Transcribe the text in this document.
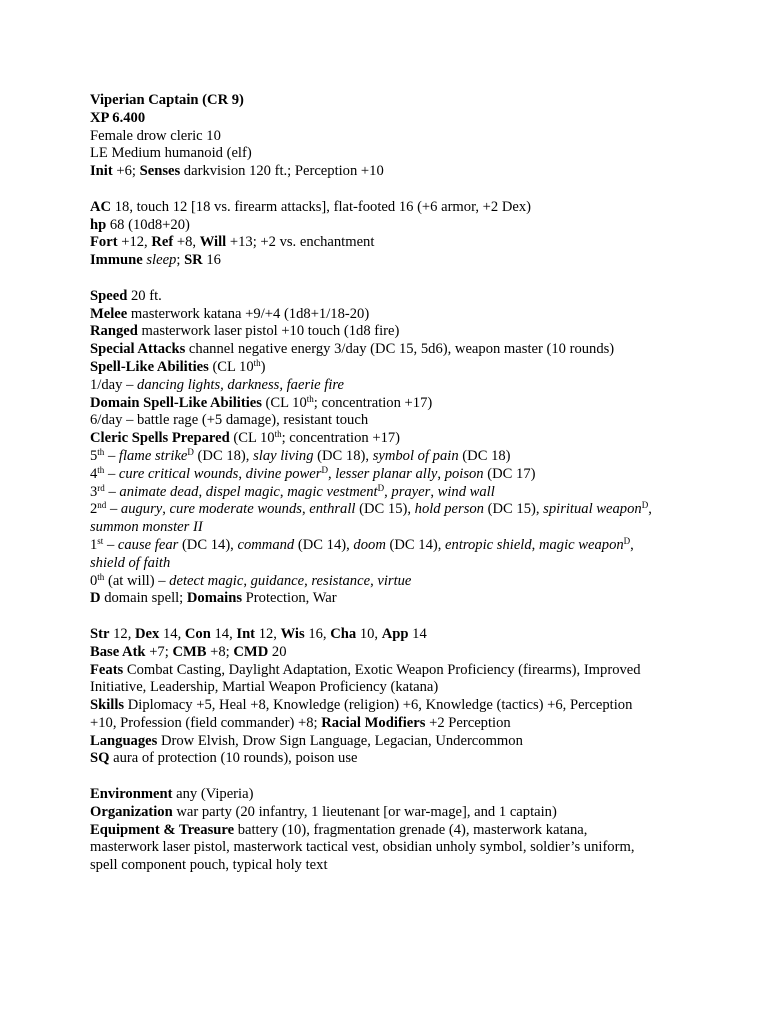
Viperian Captain (CR 9)
XP 6.400
Female drow cleric 10
LE Medium humanoid (elf)
Init +6; Senses darkvision 120 ft.; Perception +10
AC 18, touch 12 [18 vs. firearm attacks], flat-footed 16 (+6 armor, +2 Dex)
hp 68 (10d8+20)
Fort +12, Ref +8, Will +13; +2 vs. enchantment
Immune sleep; SR 16
Speed 20 ft.
Melee masterwork katana +9/+4 (1d8+1/18-20)
Ranged masterwork laser pistol +10 touch (1d8 fire)
Special Attacks channel negative energy 3/day (DC 15, 5d6), weapon master (10 rounds)
Spell-Like Abilities (CL 10th)
1/day – dancing lights, darkness, faerie fire
Domain Spell-Like Abilities (CL 10th; concentration +17)
6/day – battle rage (+5 damage), resistant touch
Cleric Spells Prepared (CL 10th; concentration +17)
5th – flame strike$^D$ (DC 18), slay living (DC 18), symbol of pain (DC 18)
4th – cure critical wounds, divine power$^D$, lesser planar ally, poison (DC 17)
3rd – animate dead, dispel magic, magic vestment$^D$, prayer, wind wall
2nd – augury, cure moderate wounds, enthrall (DC 15), hold person (DC 15), spiritual weapon$^D$,
summon monster II
1st – cause fear (DC 14), command (DC 14), doom (DC 14), entropic shield, magic weapon$^D$,
shield of faith
0th (at will) – detect magic, guidance, resistance, virtue
D domain spell; Domains Protection, War
Str 12, Dex 14, Con 14, Int 12, Wis 16, Cha 10, App 14
Base Atk +7; CMB +8; CMD 20
Feats Combat Casting, Daylight Adaptation, Exotic Weapon Proficiency (firearms), Improved
Initiative, Leadership, Martial Weapon Proficiency (katana)
Skills Diplomacy +5, Heal +8, Knowledge (religion) +6, Knowledge (tactics) +6, Perception
+10, Profession (field commander) +8; Racial Modifiers +2 Perception
Languages Drow Elvish, Drow Sign Language, Legacian, Undercommon
SQ aura of protection (10 rounds), poison use
Environment any (Viperia)
Organization war party (20 infantry, 1 lieutenant [or war-mage], and 1 captain)
Equipment & Treasure battery (10), fragmentation grenade (4), masterwork katana,
masterwork laser pistol, masterwork tactical vest, obsidian unholy symbol, soldier’s uniform,
spell component pouch, typical holy text
